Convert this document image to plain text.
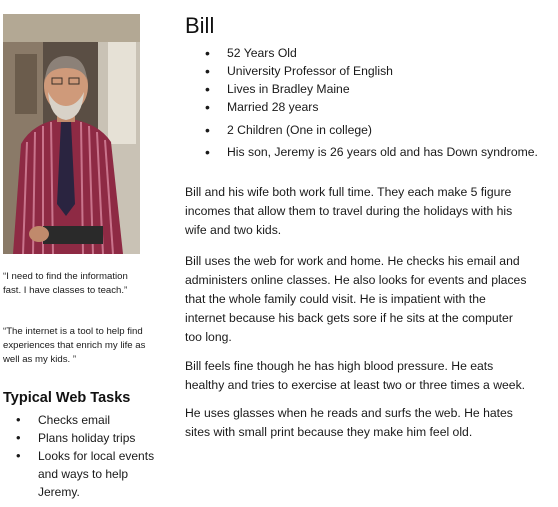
“I need to find the information
fast. I have classes to teach.”
“The internet is a tool to help find
experiences that enrich my life as
well as my kids. ”
Typical Web Tasks
• Checks email
• Plans holiday trips
• Looks for local events
and ways to help
Jeremy.
Bill
• 52 Years Old
• University Professor of English
• Lives in Bradley Maine
• Married 28 years
• 2 Children (One in college)
• His son, Jeremy is 26 years old and has Down syndrome.
Bill and his wife both work full time. They each make 5 figure
incomes that allow them to travel during the holidays with his
wife and two kids.
Bill uses the web for work and home. He checks his email and
administers online classes. He also looks for events and places
that the whole family could visit. He is impatient with the
internet because his back gets sore if he sits at the computer
too long.
Bill feels fine though he has high blood pressure. He eats
healthy and tries to exercise at least two or three times a week.
He uses glasses when he reads and surfs the web. He hates
sites with small print because they make him feel old.
